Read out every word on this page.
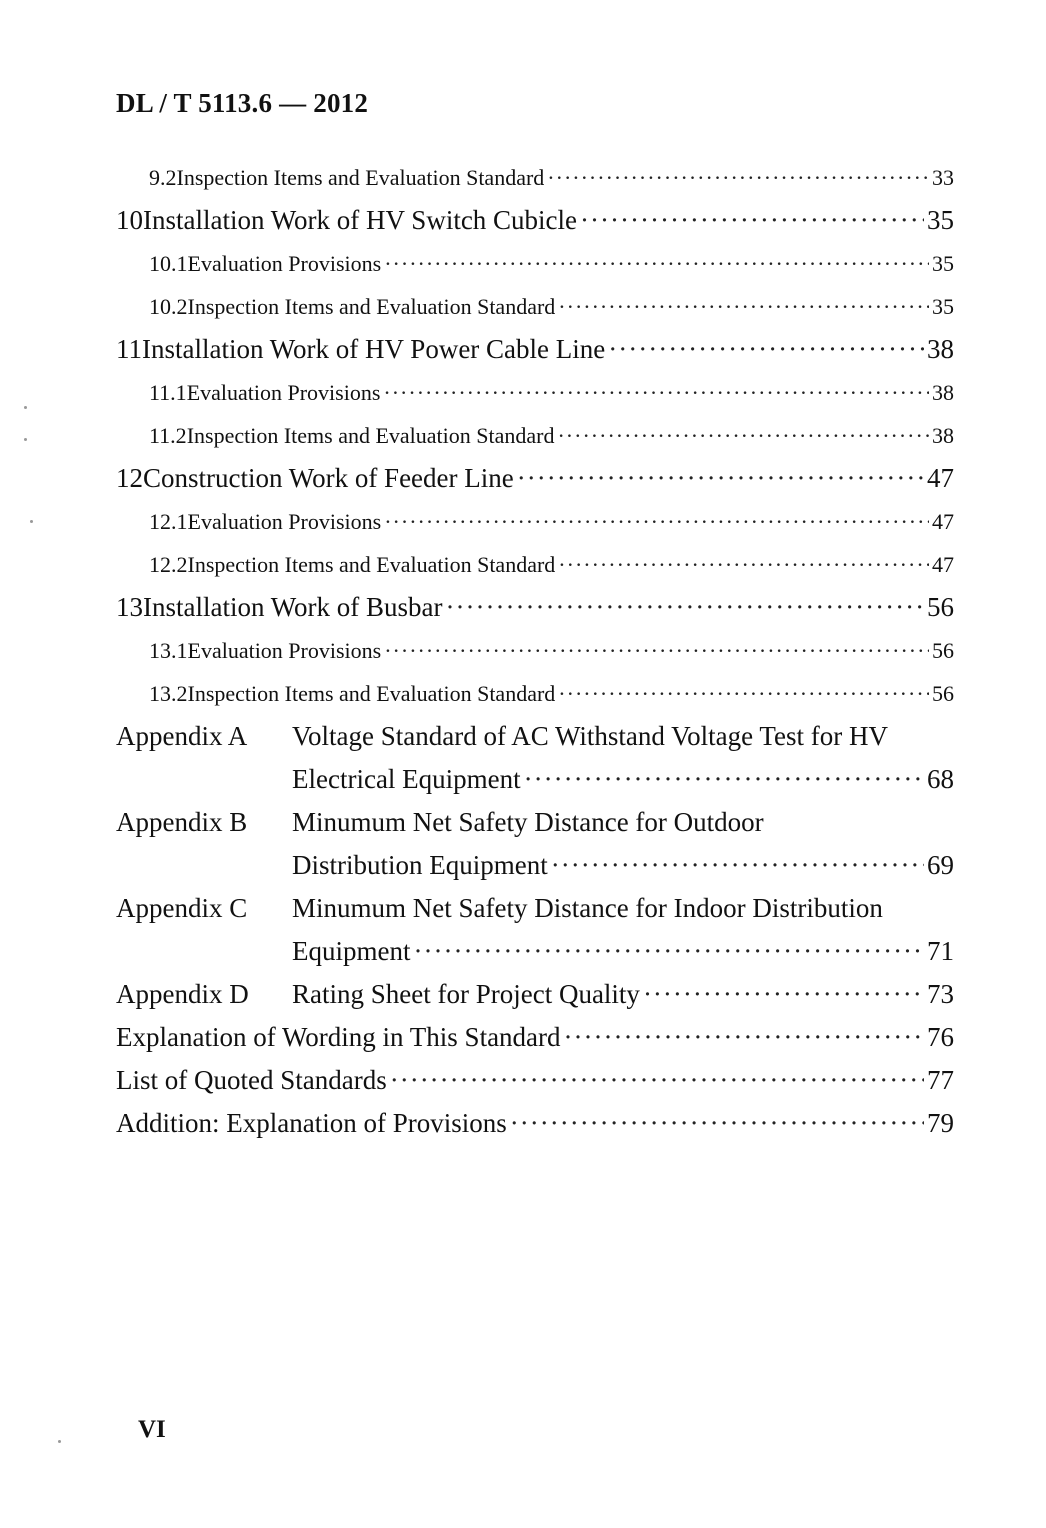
DL / T 5113.6 — 2012
9.2 Inspection Items and Evaluation Standard ·····	33
10 Installation Work of HV Switch Cubicle ·····	35
10.1 Evaluation Provisions ·····	35
10.2 Inspection Items and Evaluation Standard ·····	35
11 Installation Work of HV Power Cable Line ·····	38
11.1 Evaluation Provisions ·····	38
11.2 Inspection Items and Evaluation Standard ·····	38
12 Construction Work of Feeder Line ·····	47
12.1 Evaluation Provisions ·····	47
12.2 Inspection Items and Evaluation Standard ·····	47
13 Installation Work of Busbar ·····	56
13.1 Evaluation Provisions ·····	56
13.2 Inspection Items and Evaluation Standard ·····	56
Appendix A	Voltage Standard of AC Withstand Voltage Test for HV
Electrical Equipment ·····	68
Appendix B	Minumum Net Safety Distance for Outdoor
Distribution Equipment ·····	69
Appendix C	Minumum Net Safety Distance for Indoor Distribution
Equipment ·····	71
Appendix D	Rating Sheet for Project Quality ·····	73
Explanation of Wording in This Standard ·····	76
List of Quoted Standards ·····	77
Addition: Explanation of Provisions ·····	79
VI
